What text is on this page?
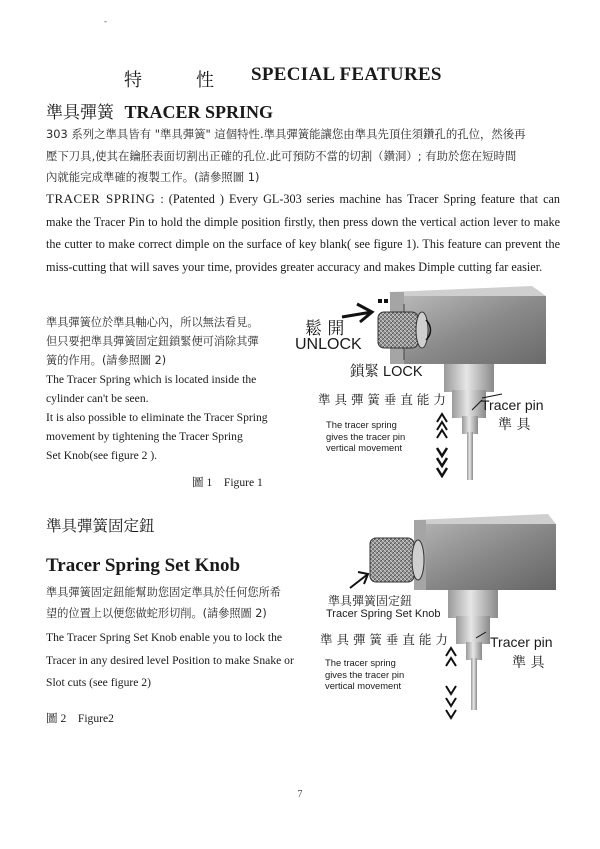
-
特	性 SPECIAL FEATURES
準具彈簧 TRACER SPRING
303 系列之準具皆有 "準具彈簧" 這個特性.準具彈簧能讓您由準具先頂住須鑽孔的孔位，然後再
壓下刀具,使其在鑰胚表面切割出正確的孔位.此可預防不當的切割（鑽洞）; 有助於您在短時間
內就能完成準確的複製工作。(請參照圖 1)
TRACER SPRING : (Patented ) Every GL-303 series machine has Tracer Spring feature that can make the Tracer Pin to hold the dimple position firstly, then press down the vertical action lever to make the cutter to make correct dimple on the surface of key blank( see figure 1). This feature can prevent the miss-cutting that will saves your time, provides greater accuracy and makes Dimple cutting far easier.
準具彈簧位於準具軸心內，所以無法看見。
但只要把準具彈簧固定鈕鎖緊便可消除其彈
簧的作用。(請參照圖 2)
The Tracer Spring which is located inside the
cylinder can't be seen.
It is also possible to eliminate the Tracer Spring
movement by tightening the Tracer Spring
Set Knob(see figure 2 ).
圖 1　Figure 1
鬆 開
UNLOCK
鎖緊 LOCK
準 具 彈 簧 垂 直 能 力	Tracer pin
準 具
The tracer spring
gives the tracer pin
vertical movement
準具彈簧固定鈕
Tracer Spring Set Knob
準具彈簧固定鈕能幫助您固定準具於任何您所希
望的位置上以便您做蛇形切削。(請參照圖 2)
The Tracer Spring Set Knob enable you to lock the
Tracer in any desired level Position to make Snake or
Slot cuts (see figure 2)
圖 2　Figure2
準具彈簧固定鈕
Tracer Spring Set Knob
準 具 彈 簧 垂 直 能 力	Tracer pin
準 具
The tracer spring
gives the tracer pin
vertical movement
7
